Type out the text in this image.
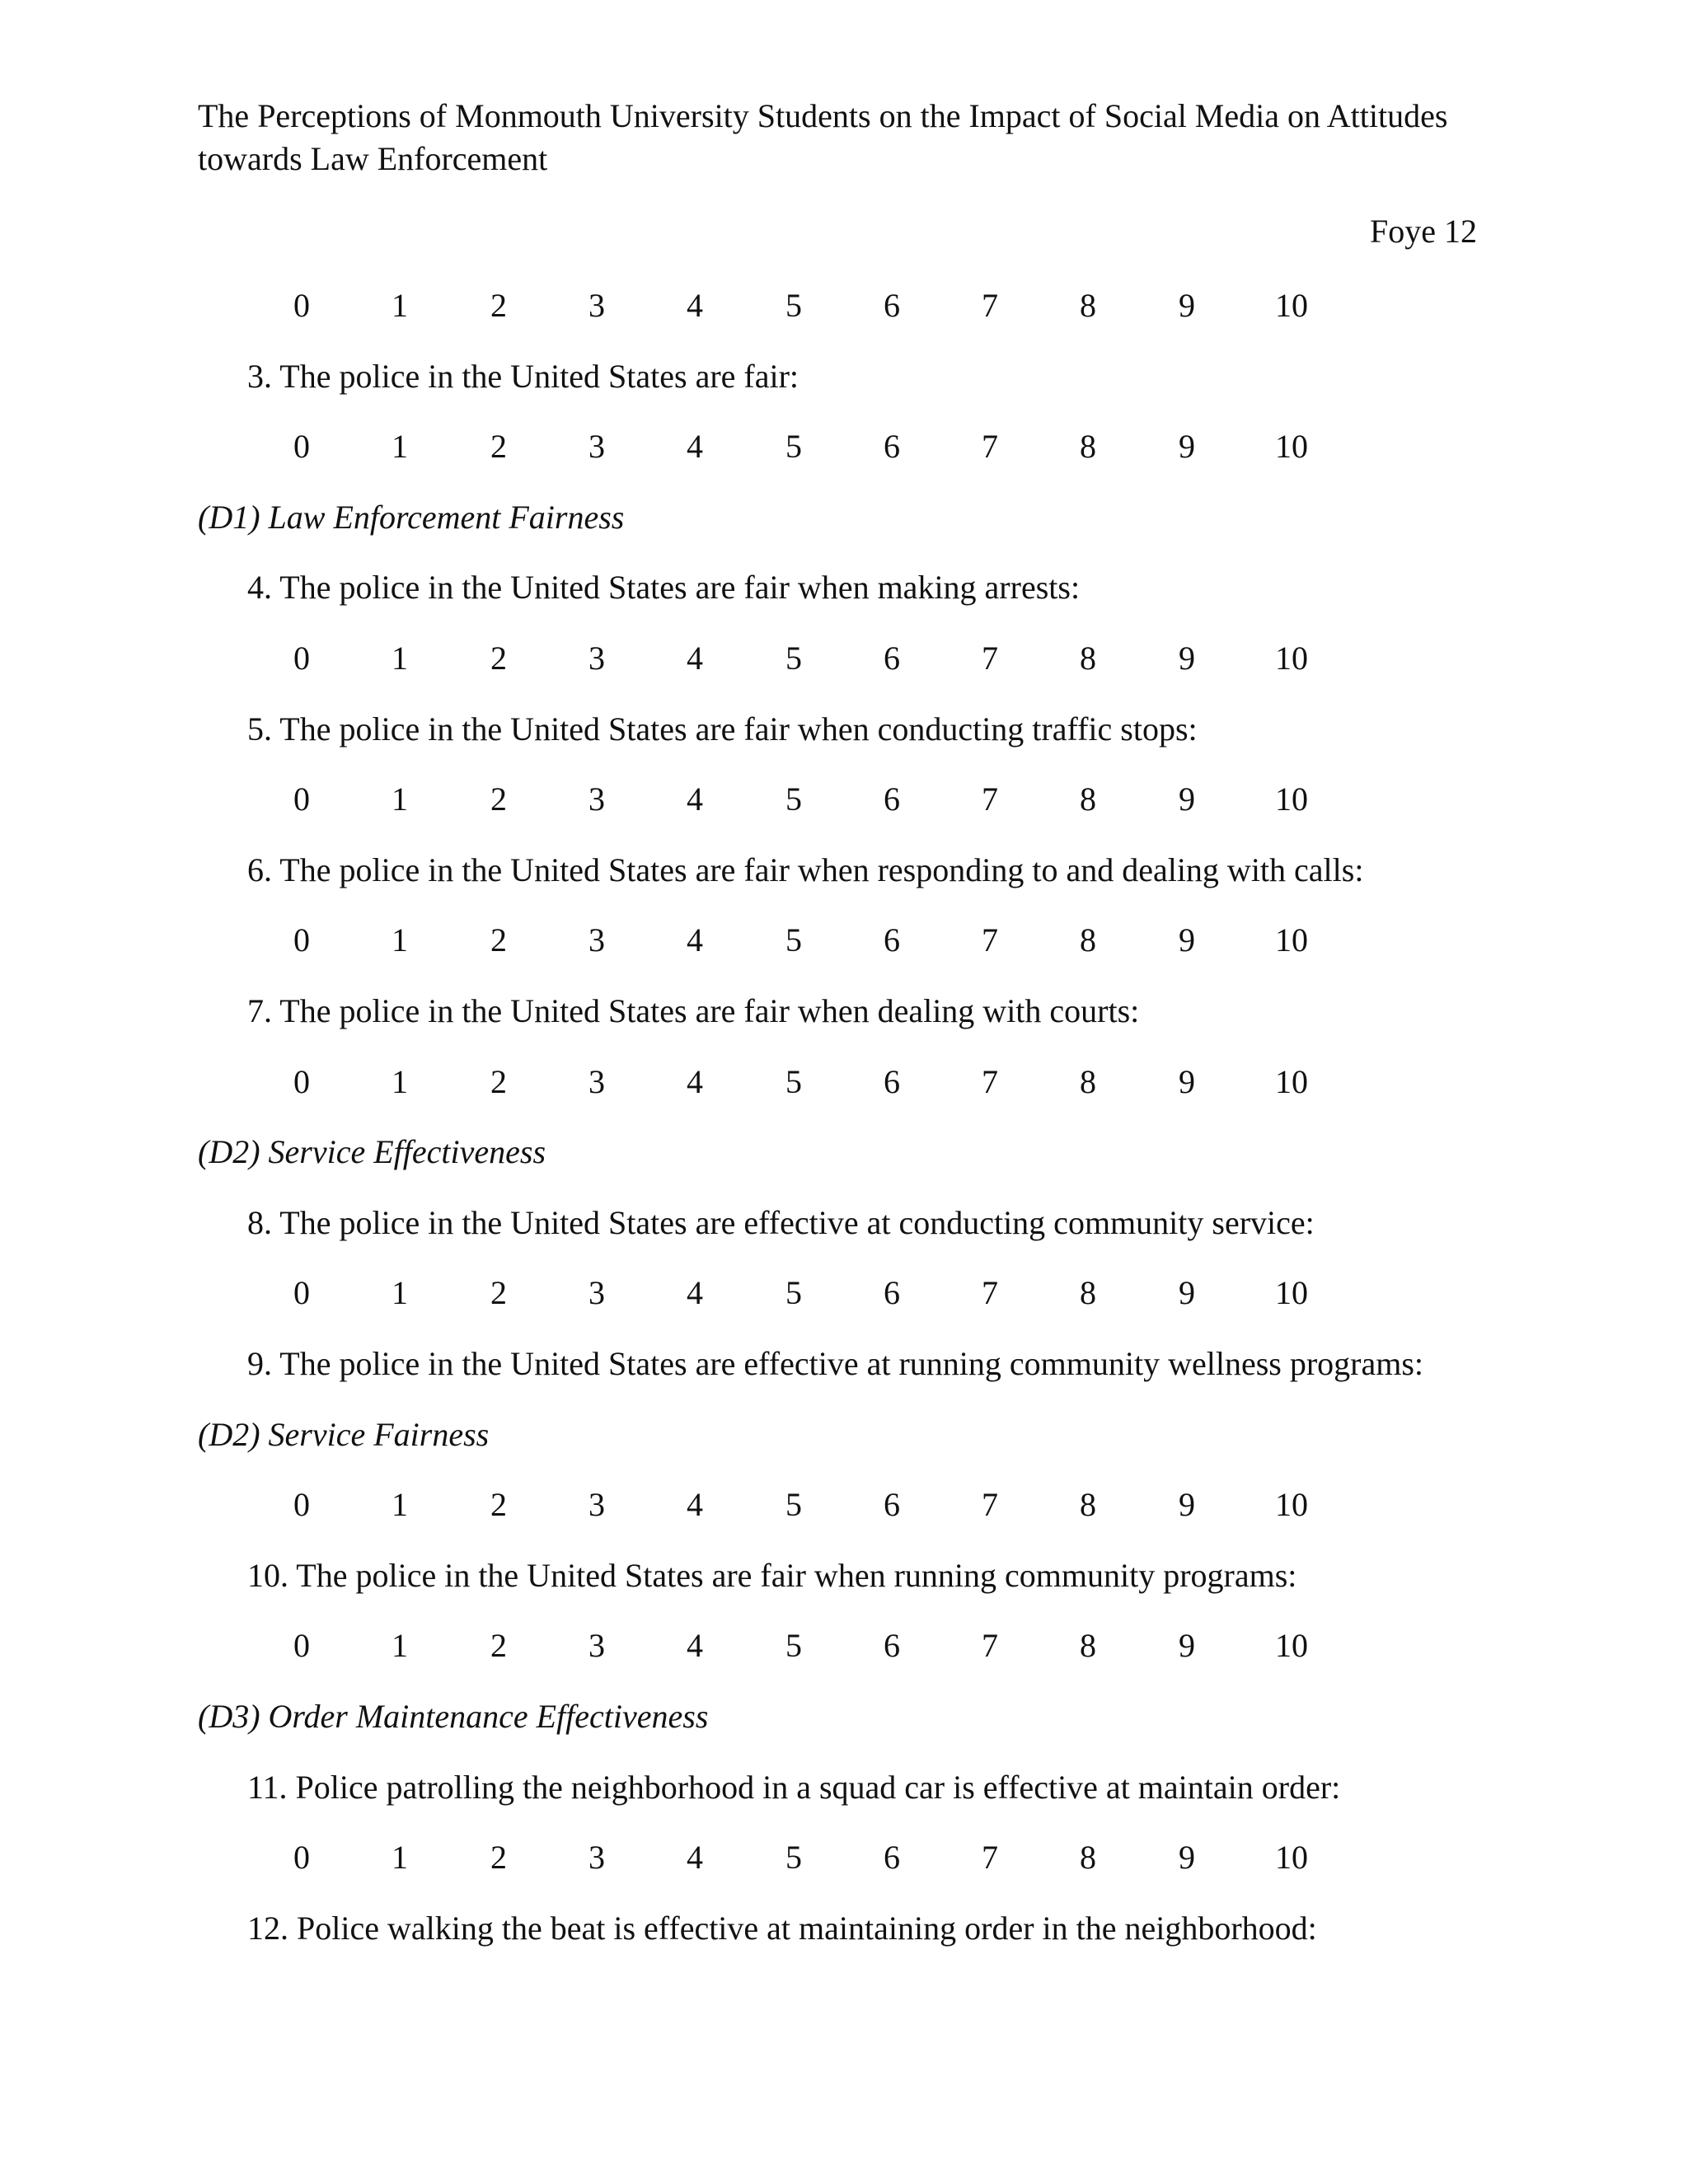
The Perceptions of Monmouth University Students on the Impact of Social Media on Attitudes towards Law Enforcement
Foye 12
0	1	2	3	4	5	6	7	8	9	10
3. The police in the United States are fair:
0	1	2	3	4	5	6	7	8	9	10
(D1) Law Enforcement Fairness
4. The police in the United States are fair when making arrests:
0	1	2	3	4	5	6	7	8	9	10
5. The police in the United States are fair when conducting traffic stops:
0	1	2	3	4	5	6	7	8	9	10
6. The police in the United States are fair when responding to and dealing with calls:
0	1	2	3	4	5	6	7	8	9	10
7. The police in the United States are fair when dealing with courts:
0	1	2	3	4	5	6	7	8	9	10
(D2) Service Effectiveness
8. The police in the United States are effective at conducting community service:
0	1	2	3	4	5	6	7	8	9	10
9. The police in the United States are effective at running community wellness programs:
(D2) Service Fairness
0	1	2	3	4	5	6	7	8	9	10
10. The police in the United States are fair when running community programs:
0	1	2	3	4	5	6	7	8	9	10
(D3) Order Maintenance Effectiveness
11. Police patrolling the neighborhood in a squad car is effective at maintain order:
0	1	2	3	4	5	6	7	8	9	10
12. Police walking the beat is effective at maintaining order in the neighborhood:
